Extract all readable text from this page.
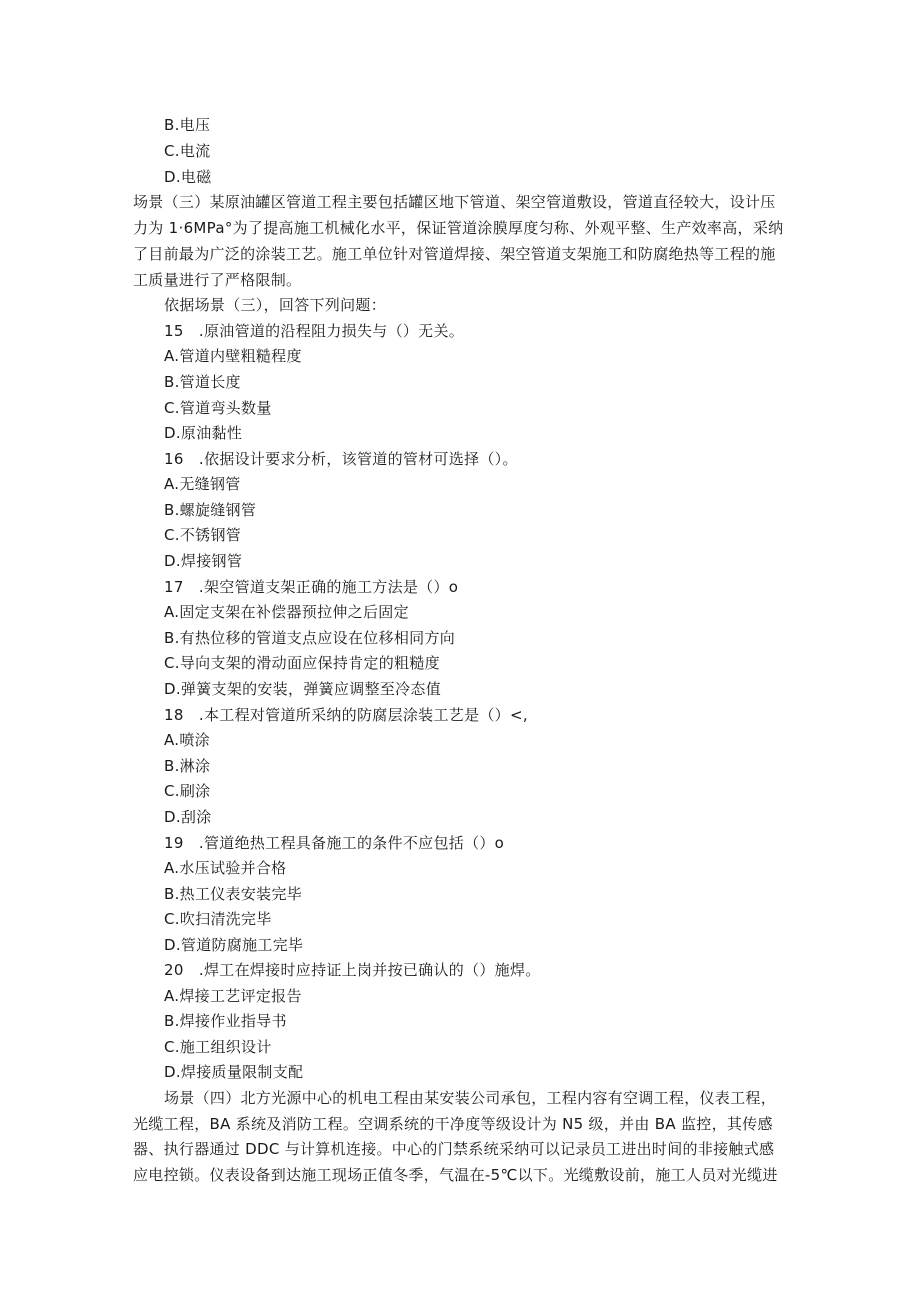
B.电压
C.电流
D.电磁
场景（三）某原油罐区管道工程主要包括罐区地下管道、架空管道敷设，管道直径较大，设计压
力为 1·6MPa°为了提高施工机械化水平，保证管道涂膜厚度匀称、外观平整、生产效率高，采纳
了目前最为广泛的涂装工艺。施工单位针对管道焊接、架空管道支架施工和防腐绝热等工程的施
工质量进行了严格限制。
依据场景（三），回答下列问题：
15 .原油管道的沿程阻力损失与（）无关。
A.管道内壁粗糙程度
B.管道长度
C.管道弯头数量
D.原油黏性
16 .依据设计要求分析，该管道的管材可选择（）。
A.无缝钢管
B.螺旋缝钢管
C.不锈钢管
D.焊接钢管
17 .架空管道支架正确的施工方法是（）o
A.固定支架在补偿器预拉伸之后固定
B.有热位移的管道支点应设在位移相同方向
C.导向支架的滑动面应保持肯定的粗糙度
D.弹簧支架的安装，弹簧应调整至冷态值
18 .本工程对管道所采纳的防腐层涂装工艺是（）<,
A.喷涂
B.淋涂
C.刷涂
D.刮涂
19 .管道绝热工程具备施工的条件不应包括（）o
A.水压试验并合格
B.热工仪表安装完毕
C.吹扫清洗完毕
D.管道防腐施工完毕
20 .焊工在焊接时应持证上岗并按已确认的（）施焊。
A.焊接工艺评定报告
B.焊接作业指导书
C.施工组织设计
D.焊接质量限制支配
场景（四）北方光源中心的机电工程由某安装公司承包，工程内容有空调工程，仪表工程，
光缆工程，BA 系统及消防工程。空调系统的干净度等级设计为 N5 级，并由 BA 监控，其传感
器、执行器通过 DDC 与计算机连接。中心的门禁系统采纳可以记录员工进出时间的非接触式感
应电控锁。仪表设备到达施工现场正值冬季，气温在-5℃以下。光缆敷设前，施工人员对光缆进
